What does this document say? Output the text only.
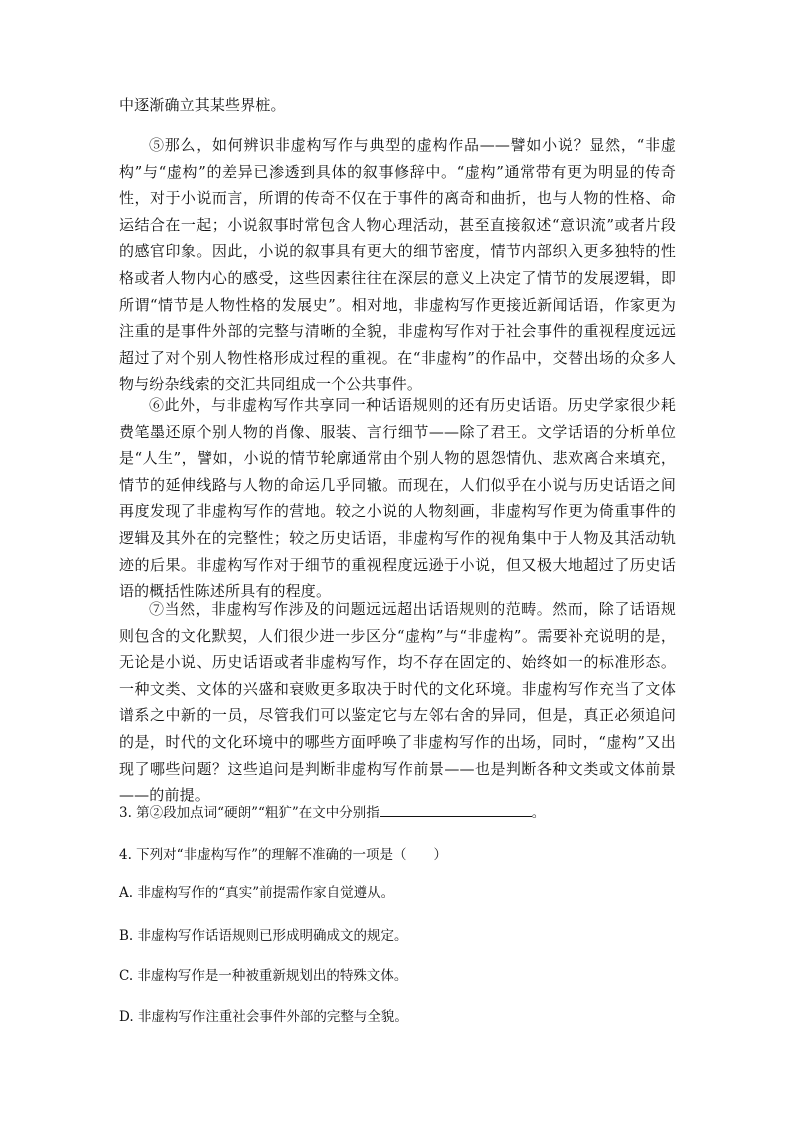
中逐渐确立其某些界桩。

⑤那么，如何辨识非虚构写作与典型的虚构作品——譬如小说？显然，“非虚构”与“虚构”的差异已渗透到具体的叙事修辞中。“虚构”通常带有更为明显的传奇性，对于小说而言，所谓的传奇不仅在于事件的离奇和曲折，也与人物的性格、命运结合在一起；小说叙事时常包含人物心理活动，甚至直接叙述“意识流”或者片段的感官印象。因此，小说的叙事具有更大的细节密度，情节内部织入更多独特的性格或者人物内心的感受，这些因素往往在深层的意义上决定了情节的发展逻辑，即所谓“情节是人物性格的发展史”。相对地，非虚构写作更接近新闻话语，作家更为注重的是事件外部的完整与清晰的全貌，非虚构写作对于社会事件的重视程度远远超过了对个别人物性格形成过程的重视。在“非虚构”的作品中，交替出场的众多人物与纷杂线索的交汇共同组成一个公共事件。

⑥此外，与非虚构写作共享同一种话语规则的还有历史话语。历史学家很少耗费笔墨还原个别人物的肖像、服装、言行细节——除了君王。文学话语的分析单位是“人生”，譬如，小说的情节轮廓通常由个别人物的恩怨情仇、悲欢离合来填充，情节的延伸线路与人物的命运几乎同辙。而现在，人们似乎在小说与历史话语之间再度发现了非虚构写作的营地。较之小说的人物刻画，非虚构写作更为倚重事件的逻辑及其外在的完整性；较之历史话语，非虚构写作的视角集中于人物及其活动轨迹的后果。非虚构写作对于细节的重视程度远逊于小说，但又极大地超过了历史话语的概括性陈述所具有的程度。

⑦当然，非虚构写作涉及的问题远远超出话语规则的范畴。然而，除了话语规则包含的文化默契，人们很少进一步区分“虚构”与“非虚构”。需要补充说明的是，无论是小说、历史话语或者非虚构写作，均不存在固定的、始终如一的标准形态。一种文类、文体的兴盛和衰败更多取决于时代的文化环境。非虚构写作充当了文体谱系之中新的一员，尽管我们可以鉴定它与左邻右舍的异同，但是，真正必须追问的是，时代的文化环境中的哪些方面呼唤了非虚构写作的出场，同时，“虚构”又出现了哪些问题？这些追问是判断非虚构写作前景——也是判断各种文类或文体前景——的前提。

3. 第②段加点词“硬朗”“粗犷”在文中分别指	。

4. 下列对“非虚构写作”的理解不准确的一项是（　　）

A. 非虚构写作的“真实”前提需作家自觉遵从。

B. 非虚构写作话语规则已形成明确成文的规定。

C. 非虚构写作是一种被重新规划出的特殊文体。

D. 非虚构写作注重社会事件外部的完整与全貌。
